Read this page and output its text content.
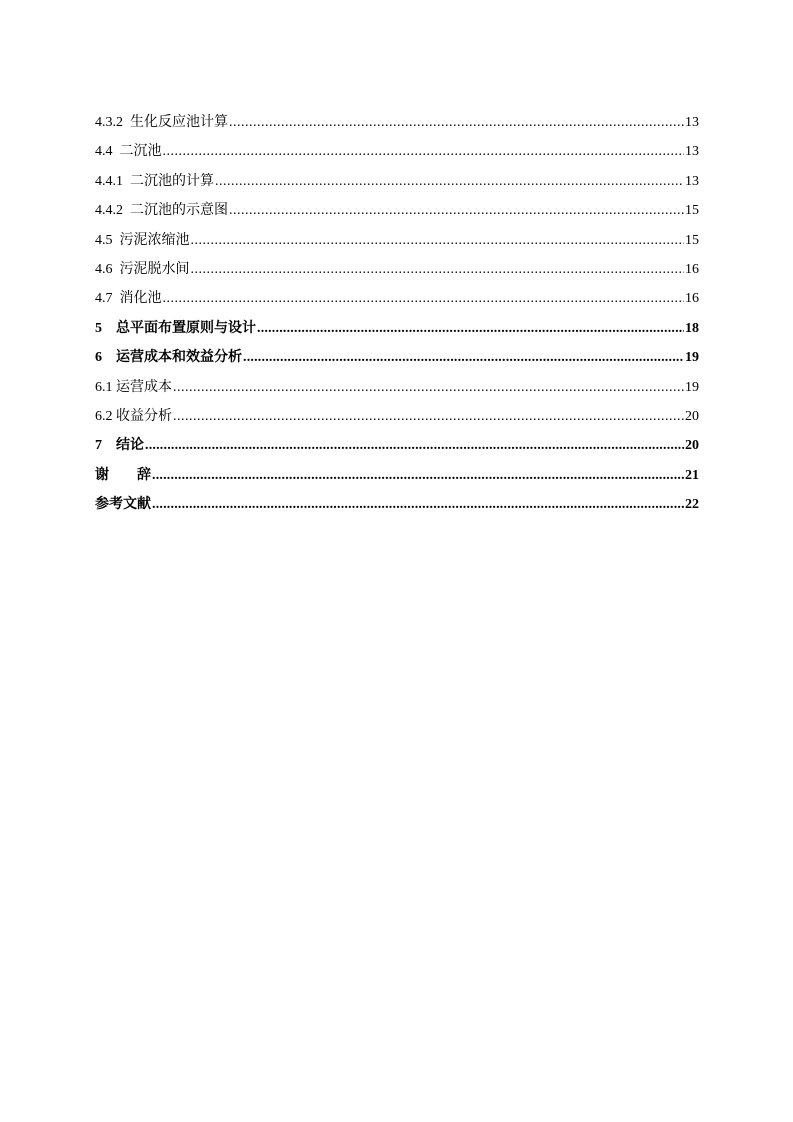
4.3.2  生化反应池计算 .....	13
4.4  二沉池 .....	13
4.4.1  二沉池的计算 .....	13
4.4.2  二沉池的示意图 .....	15
4.5  污泥浓缩池 .....	15
4.6  污泥脱水间 .....	16
4.7  消化池 .....	16
5    总平面布置原则与设计 .....	18
6    运营成本和效益分析 .....	19
6.1 运营成本 .....	19
6.2 收益分析 .....	20
7    结论 .....	20
谢        辞 .....	21
参考文献 .....	22
